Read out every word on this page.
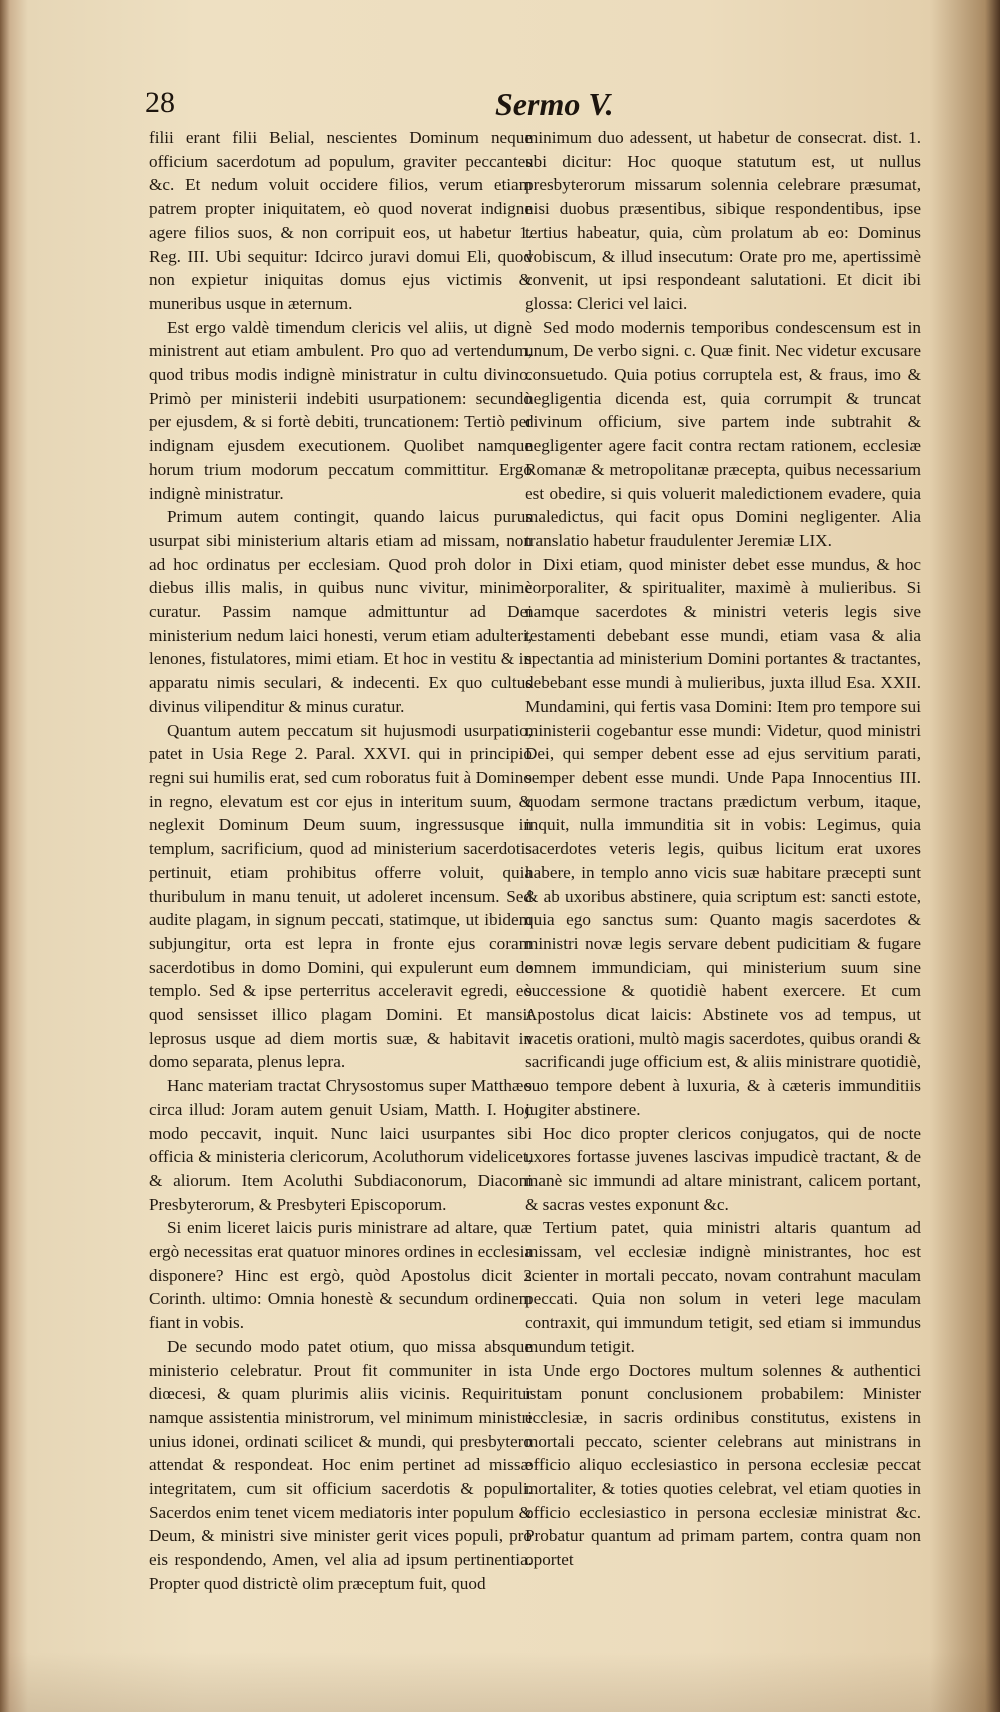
28	Sermo V.

filii erant filii Belial, nescientes Dominum neque officium sacerdotum ad populum, graviter peccantes &c. Et nedum voluit occidere filios, verum etiam patrem propter iniquitatem, eò quod noverat indigne agere filios suos, & non corripuit eos, ut habetur 1. Reg. III. Ubi sequitur: Idcirco juravi domui Eli, quod non expietur iniquitas domus ejus victimis & muneribus usque in æternum.

Est ergo valdè timendum clericis vel aliis, ut dignè ministrent aut etiam ambulent. Pro quo ad vertendum, quod tribus modis indignè ministratur in cultu divino. Primò per ministerii indebiti usurpationem: secundò per ejusdem, & si fortè debiti, truncationem: Tertiò per indignam ejusdem executionem. Quolibet namque horum trium modorum peccatum committitur. Ergo indignè ministratur.

Primum autem contingit, quando laicus purus usurpat sibi ministerium altaris etiam ad missam, non ad hoc ordinatus per ecclesiam. Quod proh dolor in diebus illis malis, in quibus nunc vivitur, minimè curatur. Passim namque admittuntur ad Dei ministerium nedum laici honesti, verum etiam adulteri, lenones, fistulatores, mimi etiam. Et hoc in vestitu & in apparatu nimis seculari, & indecenti. Ex quo cultus divinus vilipenditur & minus curatur.

Quantum autem peccatum sit hujusmodi usurpatio, patet in Usia Rege 2. Paral. XXVI. qui in principio regni sui humilis erat, sed cum roboratus fuit à Domino in regno, elevatum est cor ejus in interitum suum, & neglexit Dominum Deum suum, ingressusque in templum, sacrificium, quod ad ministerium sacerdotis pertinuit, etiam prohibitus offerre voluit, quia thuribulum in manu tenuit, ut adoleret incensum. Sed audite plagam, in signum peccati, statimque, ut ibidem subjungitur, orta est lepra in fronte ejus coram sacerdotibus in domo Domini, qui expulerunt eum de templo. Sed & ipse perterritus acceleravit egredi, eò quod sensisset illico plagam Domini. Et mansit leprosus usque ad diem mortis suæ, & habitavit in domo separata, plenus lepra.

Hanc materiam tractat Chrysostomus super Matthæo circa illud: Joram autem genuit Usiam, Matth. I. Hoc modo peccavit, inquit. Nunc laici usurpantes sibi officia & ministeria clericorum, Acoluthorum videlicet, & aliorum. Item Acoluthi Subdiaconorum, Diaconi Presbyterorum, & Presbyteri Episcoporum.

Si enim liceret laicis puris ministrare ad altare, quæ ergò necessitas erat quatuor minores ordines in ecclesia disponere? Hinc est ergò, quòd Apostolus dicit 2 Corinth. ultimo: Omnia honestè & secundum ordinem fiant in vobis.

De secundo modo patet otium, quo missa absque ministerio celebratur. Prout fit communiter in ista diœcesi, & quam plurimis aliis vicinis. Requiritur namque assistentia ministrorum, vel minimum ministri unius idonei, ordinati scilicet & mundi, qui presbytero attendat & respondeat. Hoc enim pertinet ad missæ integritatem, cum sit officium sacerdotis & populi. Sacerdos enim tenet vicem mediatoris inter populum & Deum, & ministri sive minister gerit vices populi, pro eis respondendo, Amen, vel alia ad ipsum pertinentia. Propter quod districtè olim præceptum fuit, quod

minimum duo adessent, ut habetur de consecrat. dist. 1. ubi dicitur: Hoc quoque statutum est, ut nullus presbyterorum missarum solennia celebrare præsumat, nisi duobus præsentibus, sibique respondentibus, ipse tertius habeatur, quia, cùm prolatum ab eo: Dominus vobiscum, & illud insecutum: Orate pro me, apertissimè convenit, ut ipsi respondeant salutationi. Et dicit ibi glossa: Clerici vel laici.

Sed modo modernis temporibus condescensum est in unum, De verbo signi. c. Quæ finit. Nec videtur excusare consuetudo. Quia potius corruptela est, & fraus, imo & negligentia dicenda est, quia corrumpit & truncat divinum officium, sive partem inde subtrahit & negligenter agere facit contra rectam rationem, ecclesiæ Romanæ & metropolitanæ præcepta, quibus necessarium est obedire, si quis voluerit maledictionem evadere, quia maledictus, qui facit opus Domini negligenter. Alia translatio habetur fraudulenter Jeremiæ LIX.

Dixi etiam, quod minister debet esse mundus, & hoc corporaliter, & spiritualiter, maximè à mulieribus. Si namque sacerdotes & ministri veteris legis sive testamenti debebant esse mundi, etiam vasa & alia spectantia ad ministerium Domini portantes & tractantes, debebant esse mundi à mulieribus, juxta illud Esa. XXII. Mundamini, qui fertis vasa Domini: Item pro tempore sui ministerii cogebantur esse mundi: Videtur, quod ministri Dei, qui semper debent esse ad ejus servitium parati, semper debent esse mundi. Unde Papa Innocentius III. quodam sermone tractans prædictum verbum, itaque, inquit, nulla immunditia sit in vobis: Legimus, quia sacerdotes veteris legis, quibus licitum erat uxores habere, in templo anno vicis suæ habitare præcepti sunt & ab uxoribus abstinere, quia scriptum est: sancti estote, quia ego sanctus sum: Quanto magis sacerdotes & ministri novæ legis servare debent pudicitiam & fugare omnem immundiciam, qui ministerium suum sine successione & quotidiè habent exercere. Et cum Apostolus dicat laicis: Abstinete vos ad tempus, ut vacetis orationi, multò magis sacerdotes, quibus orandi & sacrificandi juge officium est, & aliis ministrare quotidiè, suo tempore debent à luxuria, & à cæteris immunditiis jugiter abstinere.

Hoc dico propter clericos conjugatos, qui de nocte uxores fortasse juvenes lascivas impudicè tractant, & de manè sic immundi ad altare ministrant, calicem portant, & sacras vestes exponunt &c.

Tertium patet, quia ministri altaris quantum ad missam, vel ecclesiæ indignè ministrantes, hoc est scienter in mortali peccato, novam contrahunt maculam peccati. Quia non solum in veteri lege maculam contraxit, qui immundum tetigit, sed etiam si immundus mundum tetigit.

Unde ergo Doctores multum solennes & authentici istam ponunt conclusionem probabilem: Minister ecclesiæ, in sacris ordinibus constitutus, existens in mortali peccato, scienter celebrans aut ministrans in officio aliquo ecclesiastico in persona ecclesiæ peccat mortaliter, & toties quoties celebrat, vel etiam quoties in officio ecclesiastico in persona ecclesiæ ministrat &c. Probatur quantum ad primam partem, contra quam non oportet
